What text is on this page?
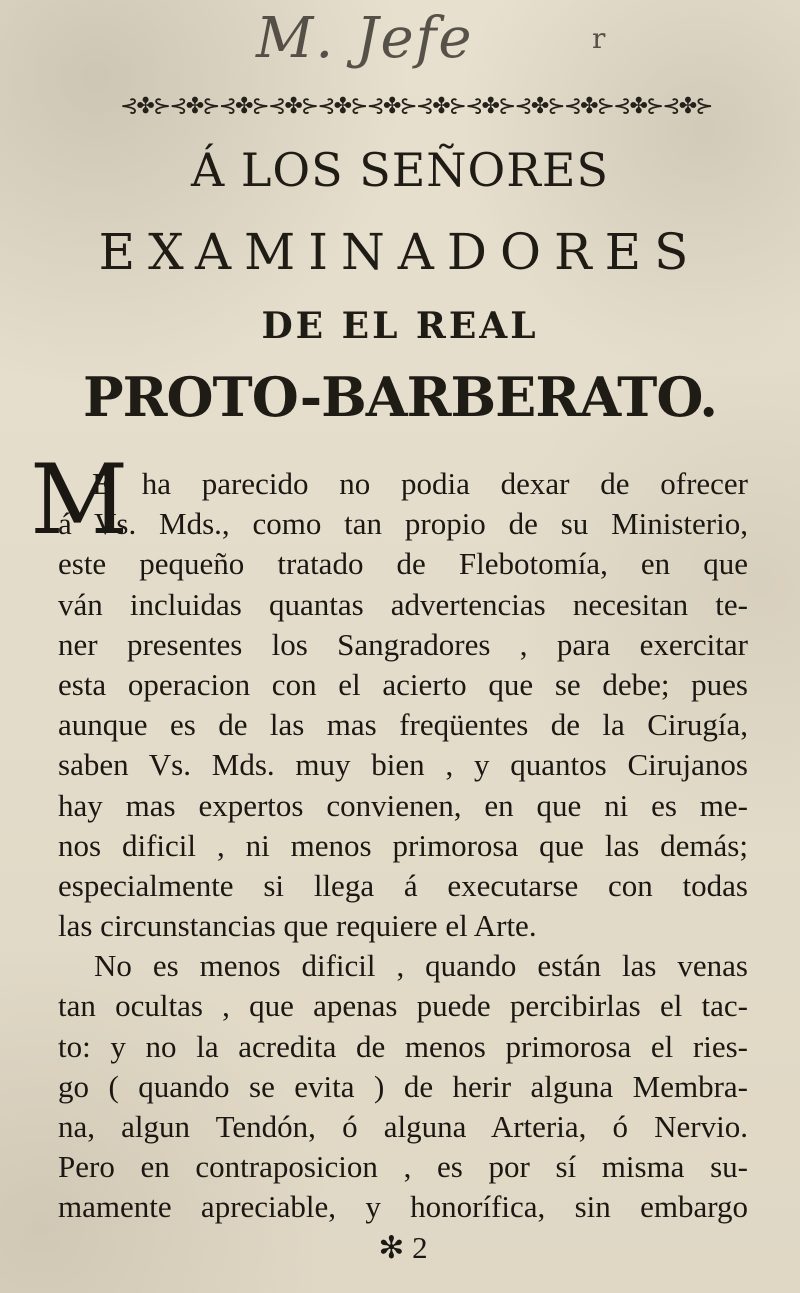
M. Jefe	r
⊰✤⊱⊰✤⊱⊰✤⊱⊰✤⊱⊰✤⊱⊰✤⊱⊰✤⊱⊰✤⊱⊰✤⊱⊰✤⊱⊰✤⊱⊰✤⊱
Á LOS SEÑORES
EXAMINADORES
DE EL REAL
PROTO-BARBERATO.
M
E ha parecido no podia dexar de ofrecer
á Vs. Mds., como tan propio de su Ministerio,
este pequeño tratado de Flebotomía, en que
ván incluidas quantas advertencias necesitan te-
ner presentes los Sangradores , para exercitar
esta operacion con el acierto que se debe; pues
aunque es de las mas freqüentes de la Cirugía,
saben Vs. Mds. muy bien , y quantos Cirujanos
hay mas expertos convienen, en que ni es me-
nos dificil , ni menos primorosa que las demás;
especialmente si llega á executarse con todas
las circunstancias que requiere el Arte.
No es menos dificil , quando están las venas
tan ocultas , que apenas puede percibirlas el tac-
to: y no la acredita de menos primorosa el ries-
go ( quando se evita ) de herir alguna Membra-
na, algun Tendón, ó alguna Arteria, ó Nervio.
Pero en contraposicion , es por sí misma su-
mamente apreciable, y honorífica, sin embargo
✻ 2
